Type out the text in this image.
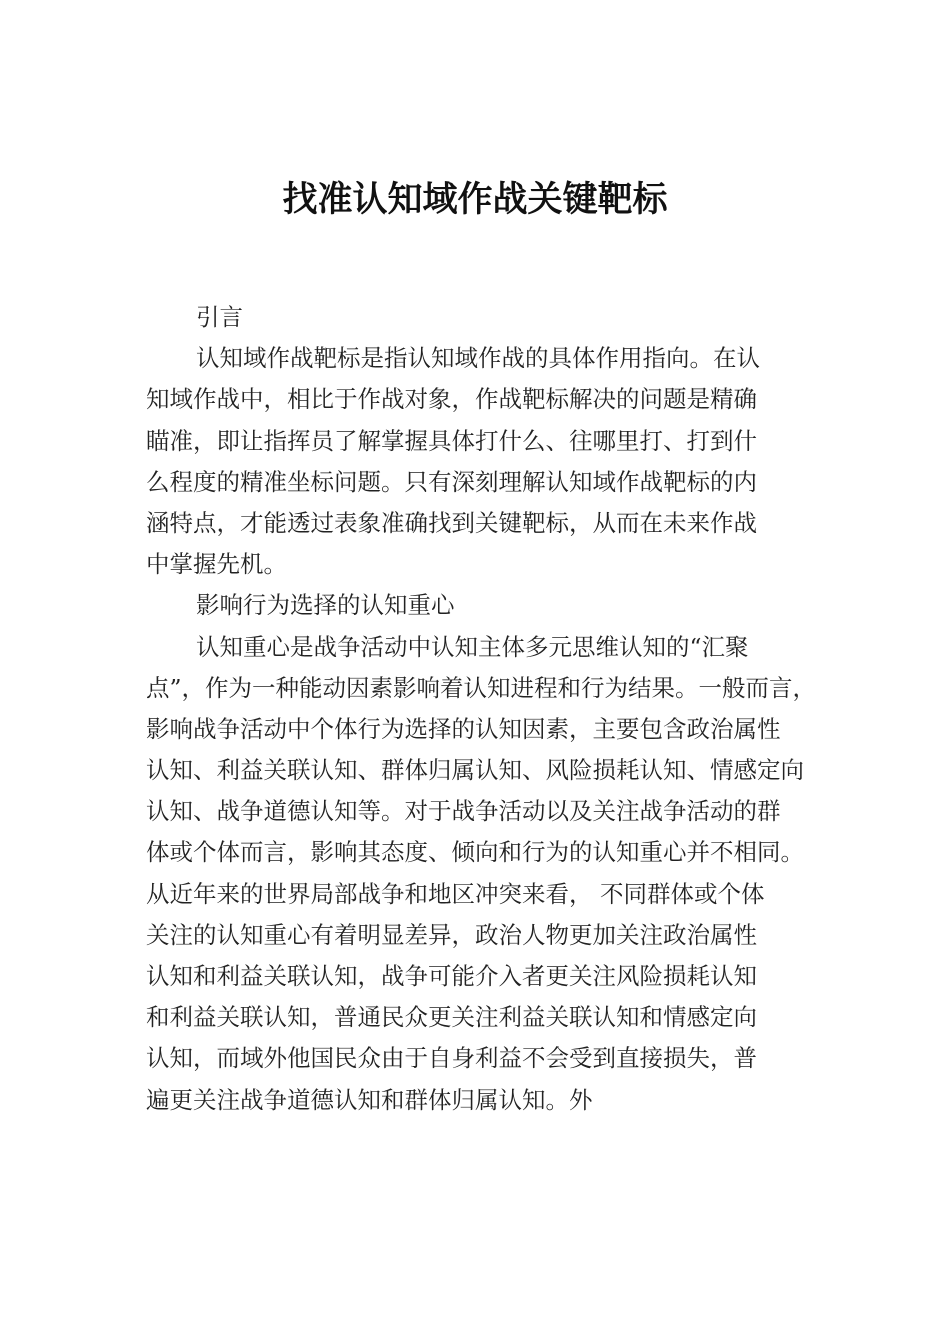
找准认知域作战关键靶标
引言
认知域作战靶标是指认知域作战的具体作用指向。在认
知域作战中，相比于作战对象，作战靶标解决的问题是精确
瞄准，即让指挥员了解掌握具体打什么、往哪里打、打到什
么程度的精准坐标问题。只有深刻理解认知域作战靶标的内
涵特点，才能透过表象准确找到关键靶标，从而在未来作战
中掌握先机。
影响行为选择的认知重心
认知重心是战争活动中认知主体多元思维认知的“汇聚
点”，作为一种能动因素影响着认知进程和行为结果。一般而言，
影响战争活动中个体行为选择的认知因素，主要包含政治属性
认知、利益关联认知、群体归属认知、风险损耗认知、情感定向
认知、战争道德认知等。对于战争活动以及关注战争活动的群
体或个体而言，影响其态度、倾向和行为的认知重心并不相同。
从近年来的世界局部战争和地区冲突来看， 不同群体或个体
关注的认知重心有着明显差异，政治人物更加关注政治属性
认知和利益关联认知，战争可能介入者更关注风险损耗认知
和利益关联认知，普通民众更关注利益关联认知和情感定向
认知，而域外他国民众由于自身利益不会受到直接损失，普
遍更关注战争道德认知和群体归属认知。外
